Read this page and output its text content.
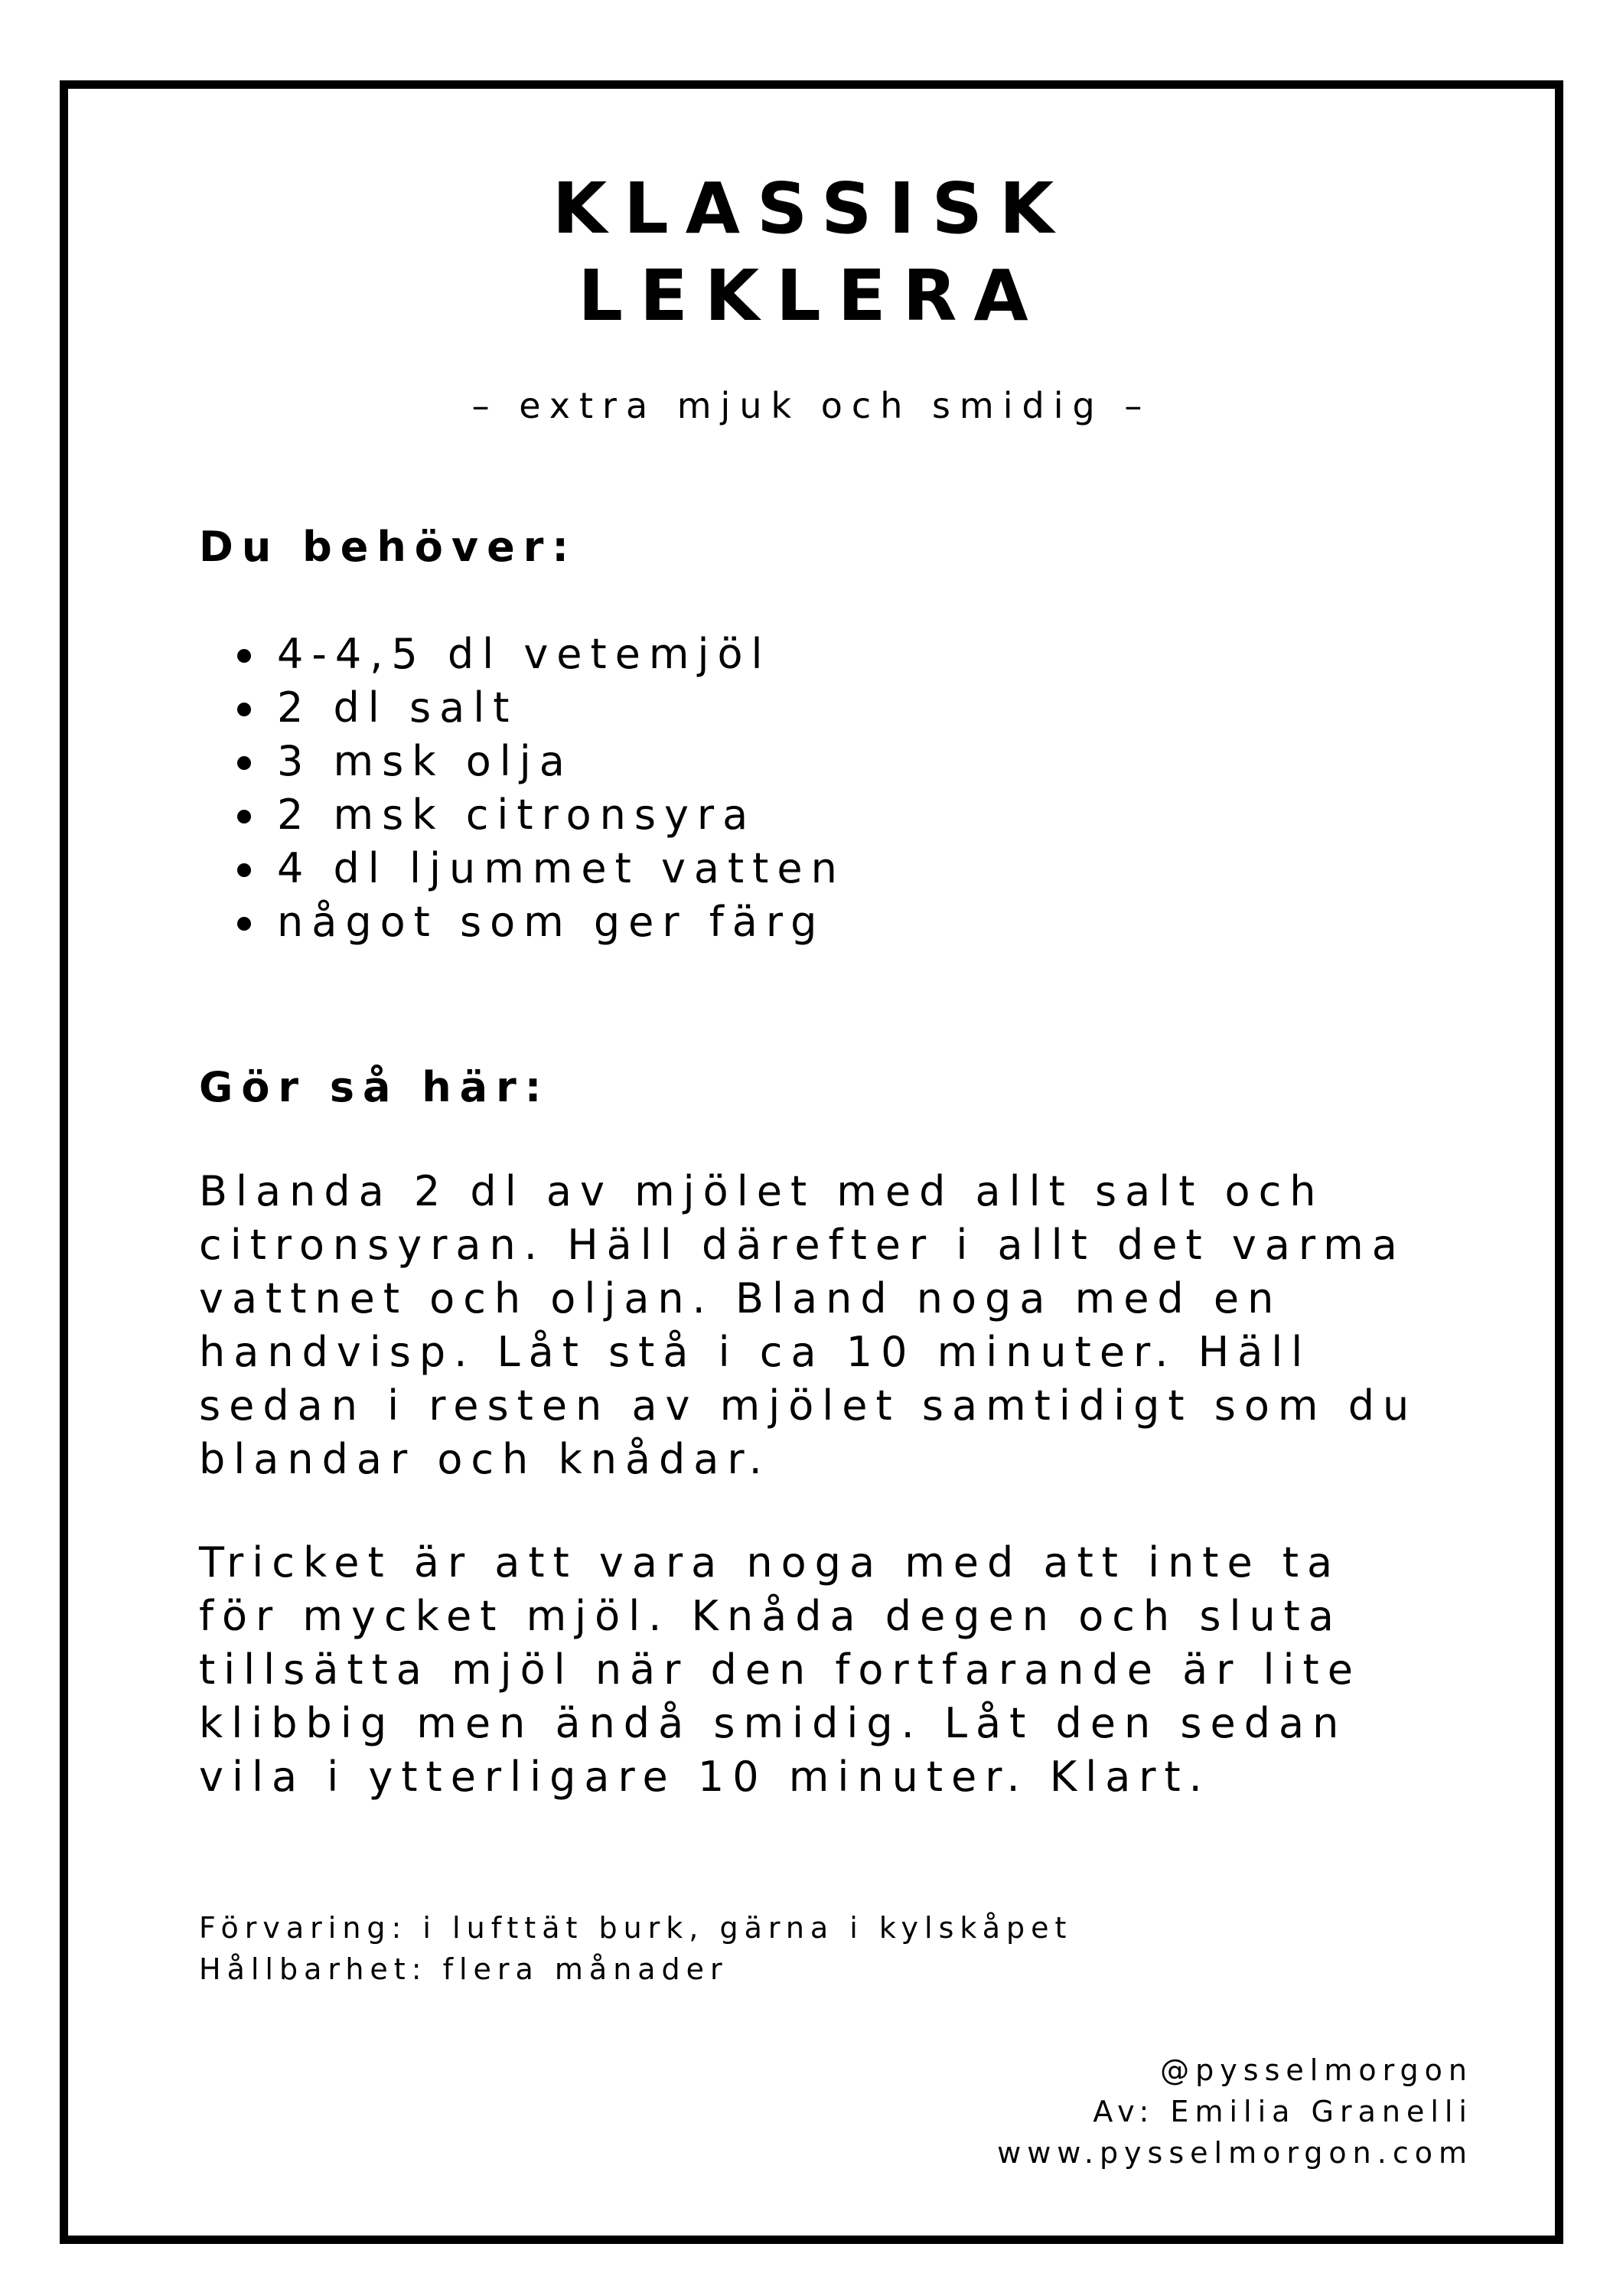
KLASSISK
LEKLERA

– extra mjuk och smidig –

Du behöver:
4-4,5 dl vetemjöl
2 dl salt
3 msk olja
2 msk citronsyra
4 dl ljummet vatten
något som ger färg
Gör så här:

Blanda 2 dl av mjölet med allt salt och
citronsyran. Häll därefter i allt det varma
vattnet och oljan. Bland noga med en
handvisp. Låt stå i ca 10 minuter. Häll
sedan i resten av mjölet samtidigt som du
blandar och knådar.

Tricket är att vara noga med att inte ta
för mycket mjöl. Knåda degen och sluta
tillsätta mjöl när den fortfarande är lite
klibbig men ändå smidig. Låt den sedan
vila i ytterligare 10 minuter. Klart.

Förvaring: i lufttät burk, gärna i kylskåpet
Hållbarhet: flera månader

@pysselmorgon
Av: Emilia Granelli
www.pysselmorgon.com
